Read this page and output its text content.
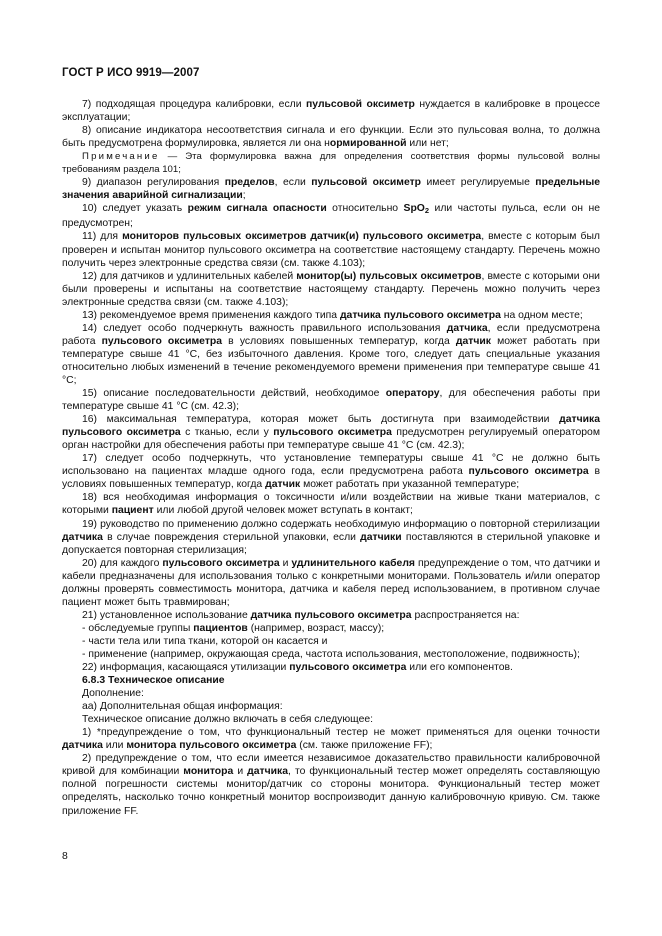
ГОСТ Р ИСО 9919—2007

7) подходящая процедура калибровки, если пульсовой оксиметр нуждается в калибровке в процессе эксплуатации;

8) описание индикатора несоответствия сигнала и его функции. Если это пульсовая волна, то должна быть предусмотрена формулировка, является ли она нормированной или нет;

Примечание — Эта формулировка важна для определения соответствия формы пульсовой волны требованиям раздела 101;

9) диапазон регулирования пределов, если пульсовой оксиметр имеет регулируемые предельные значения аварийной сигнализации;

10) следует указать режим сигнала опасности относительно SpO$_2$ или частоты пульса, если он не предусмотрен;

11) для мониторов пульсовых оксиметров датчик(и) пульсового оксиметра, вместе с которым был проверен и испытан монитор пульсового оксиметра на соответствие настоящему стандарту. Перечень можно получить через электронные средства связи (см. также 4.103);

12) для датчиков и удлинительных кабелей монитор(ы) пульсовых оксиметров, вместе с которыми они были проверены и испытаны на соответствие настоящему стандарту. Перечень можно получить через электронные средства связи (см. также 4.103);

13) рекомендуемое время применения каждого типа датчика пульсового оксиметра на одном месте;

14) следует особо подчеркнуть важность правильного использования датчика, если предусмотрена работа пульсового оксиметра в условиях повышенных температур, когда датчик может работать при температуре свыше 41 °С, без избыточного давления. Кроме того, следует дать специальные указания относительно любых изменений в течение рекомендуемого времени применения при температуре свыше 41 °С;

15) описание последовательности действий, необходимое оператору, для обеспечения работы при температуре свыше 41 °С (см. 42.3);

16) максимальная температура, которая может быть достигнута при взаимодействии датчика пульсового оксиметра с тканью, если у пульсового оксиметра предусмотрен регулируемый оператором орган настройки для обеспечения работы при температуре свыше 41 °С (см. 42.3);

17) следует особо подчеркнуть, что установление температуры свыше 41 °С не должно быть использовано на пациентах младше одного года, если предусмотрена работа пульсового оксиметра в условиях повышенных температур, когда датчик может работать при указанной температуре;

18) вся необходимая информация о токсичности и/или воздействии на живые ткани материалов, с которыми пациент или любой другой человек может вступать в контакт;

19) руководство по применению должно содержать необходимую информацию о повторной стерилизации датчика в случае повреждения стерильной упаковки, если датчики поставляются в стерильной упаковке и допускается повторная стерилизация;

20) для каждого пульсового оксиметра и удлинительного кабеля предупреждение о том, что датчики и кабели предназначены для использования только с конкретными мониторами. Пользователь и/или оператор должны проверять совместимость монитора, датчика и кабеля перед использованием, в противном случае пациент может быть травмирован;

21) установленное использование датчика пульсового оксиметра распространяется на:

- обследуемые группы пациентов (например, возраст, массу);

- части тела или типа ткани, которой он касается и

- применение (например, окружающая среда, частота использования, местоположение, подвижность);

22) информация, касающаяся утилизации пульсового оксиметра или его компонентов.

6.8.3 Техническое описание

Дополнение:

аа) Дополнительная общая информация:

Техническое описание должно включать в себя следующее:

1) *предупреждение о том, что функциональный тестер не может применяться для оценки точности датчика или монитора пульсового оксиметра (см. также приложение FF);

2) предупреждение о том, что если имеется независимое доказательство правильности калибровочной кривой для комбинации монитора и датчика, то функциональный тестер может определять составляющую полной погрешности системы монитор/датчик со стороны монитора. Функциональный тестер может определять, насколько точно конкретный монитор воспроизводит данную калибровочную кривую. См. также приложение FF.

8
